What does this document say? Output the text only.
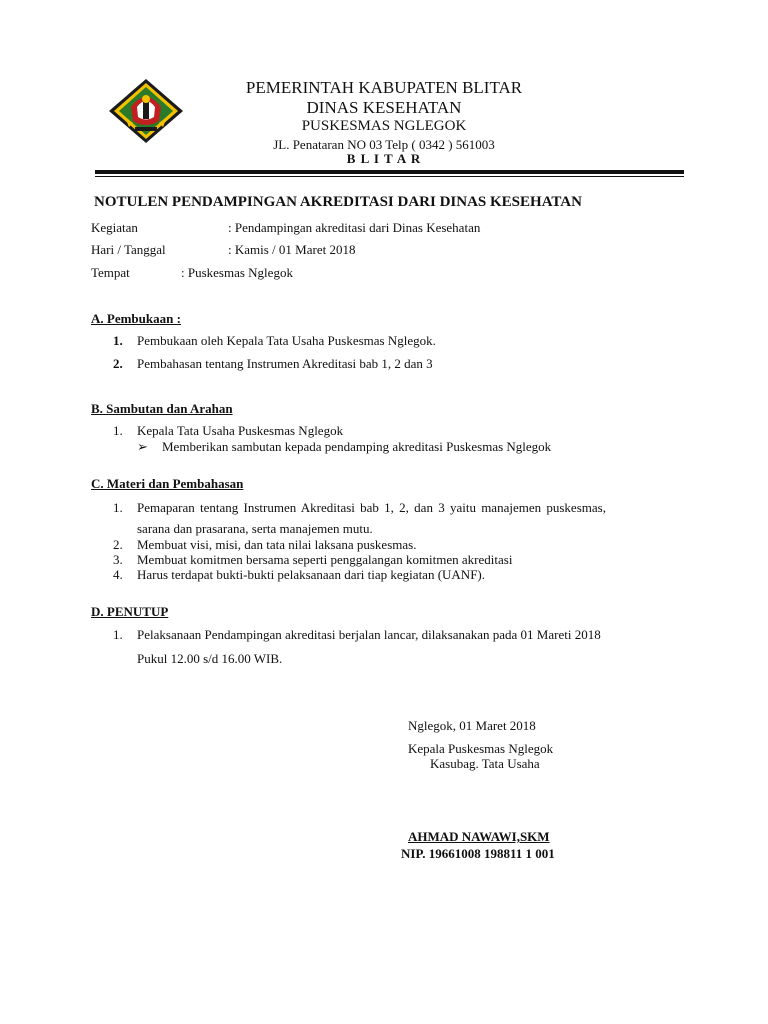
PEMERINTAH KABUPATEN BLITAR
DINAS KESEHATAN
PUSKESMAS NGLEGOK
JL. Penataran NO 03 Telp ( 0342 ) 561003
B L I T A R
NOTULEN PENDAMPINGAN AKREDITASI DARI DINAS KESEHATAN
Kegiatan	: Pendampingan akreditasi dari Dinas Kesehatan
Hari / Tanggal	: Kamis / 01 Maret 2018
Tempat	: Puskesmas Nglegok
A. Pembukaan :
1. Pembukaan oleh Kepala Tata Usaha Puskesmas Nglegok.
2. Pembahasan tentang Instrumen Akreditasi bab 1, 2 dan 3
B. Sambutan dan Arahan
1. Kepala Tata Usaha Puskesmas Nglegok
➢ Memberikan sambutan kepada pendamping akreditasi Puskesmas Nglegok
C. Materi dan Pembahasan
1. Pemaparan tentang Instrumen Akreditasi bab 1, 2, dan 3 yaitu manajemen puskesmas,
sarana dan prasarana, serta manajemen mutu.
2. Membuat visi, misi, dan tata nilai laksana puskesmas.
3. Membuat komitmen bersama seperti penggalangan komitmen akreditasi
4. Harus terdapat bukti-bukti pelaksanaan dari tiap kegiatan (UANF).
D. PENUTUP
1. Pelaksanaan Pendampingan akreditasi berjalan lancar, dilaksanakan pada 01 Mareti 2018
Pukul 12.00 s/d 16.00 WIB.
Nglegok, 01 Maret 2018
Kepala Puskesmas Nglegok
Kasubag. Tata Usaha
AHMAD NAWAWI,SKM
NIP. 19661008 198811 1 001
